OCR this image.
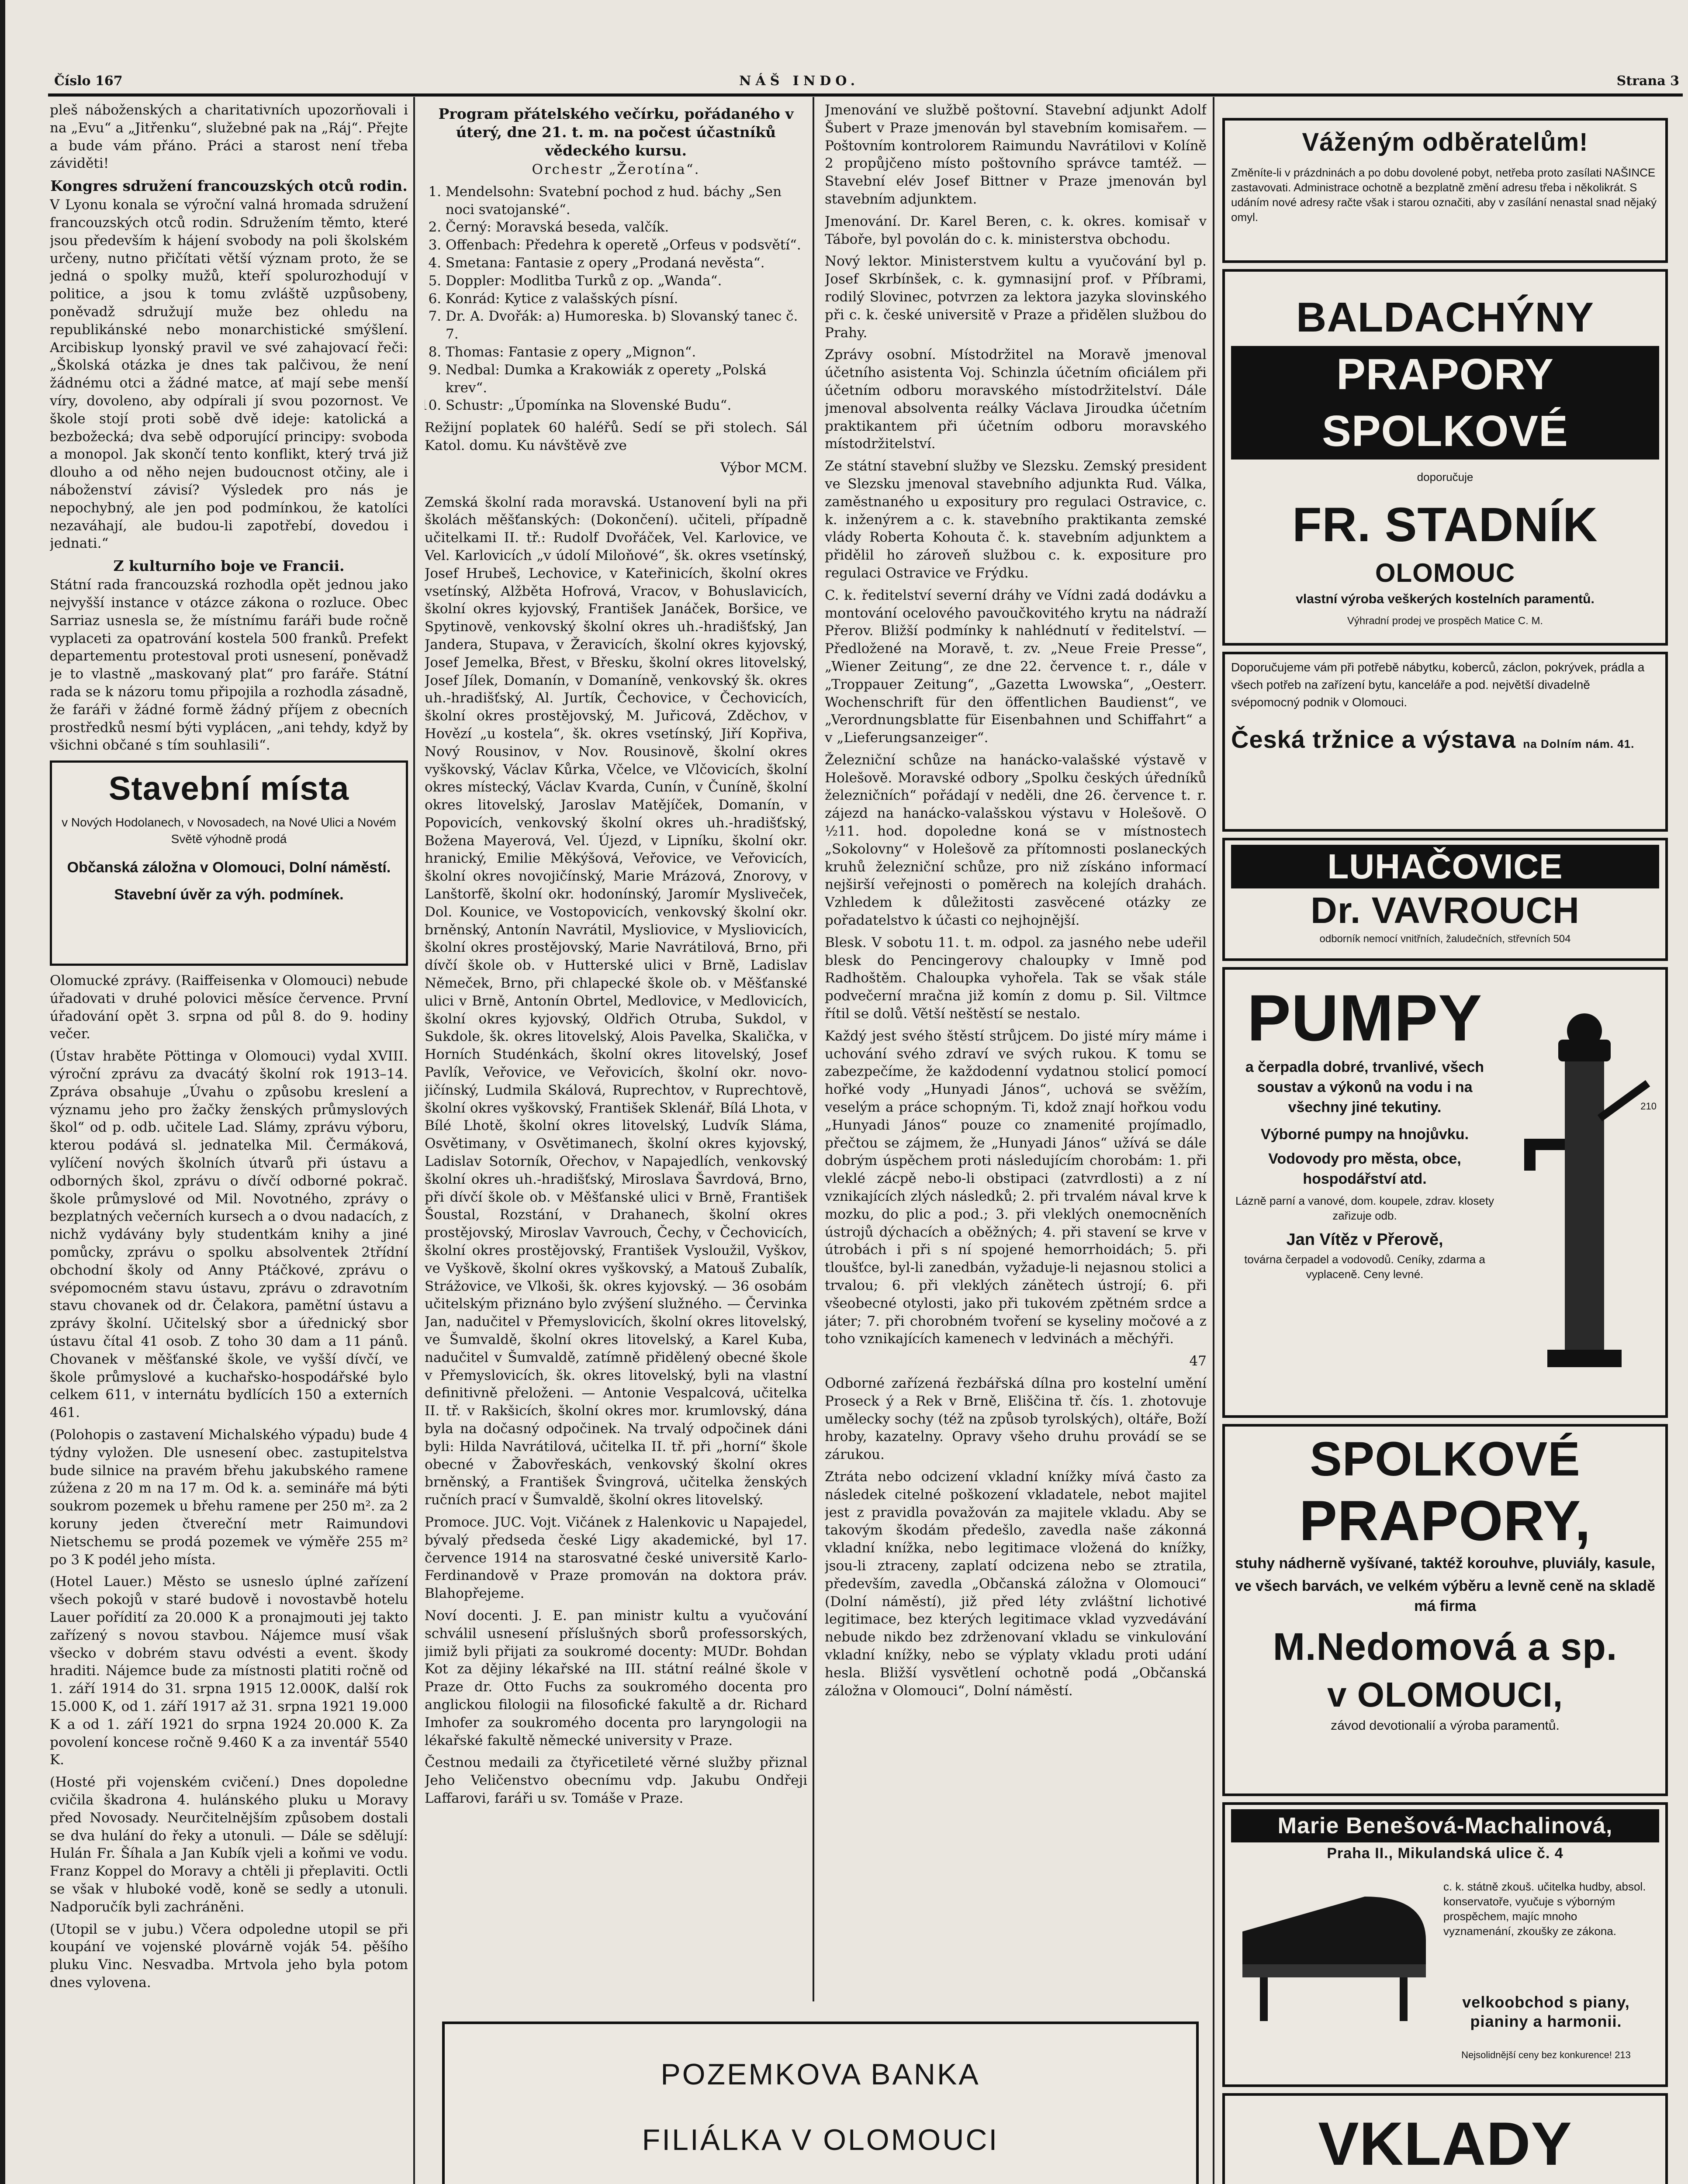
Číslo 167	NÁŠ INDO.	Strana 3

pleš náboženských a charitativních upozorňovali i na „Evu“ a „Jitřenku“, služebné pak na „Ráj“. Přejte a bude vám přáno. Práci a starost není třeba záviděti!

Kongres sdružení francouzských otců rodin.

V Lyonu konala se výroční valná hromada sdružení francouzských otců rodin. Sdružením těmto, které jsou především k hájení svobody na poli školském určeny, nutno přičítati větší význam proto, že se jedná o spolky mužů, kteří spolurozhodují v politice, a jsou k tomu zvláště uzpůsobeny, poněvadž sdružují muže bez ohledu na republikánské nebo monarchistické smýšlení. Arcibiskup lyonský pravil ve své zahajovací řeči: „Školská otázka je dnes tak palčivou, že není žádnému otci a žádné matce, ať mají sebe menší víry, dovoleno, aby odpírali jí svou pozornost. Ve škole stojí proti sobě dvě ideje: katolická a bezbožecká; dva sebě odporující principy: svoboda a monopol. Jak skončí tento konflikt, který trvá již dlouho a od něho nejen budoucnost otčiny, ale i náboženství závisí? Výsledek pro nás je nepochybný, ale jen pod podmínkou, že katolíci nezaváhají, ale budou-li zapotřebí, dovedou i jednati.“

Z kulturního boje ve Francii.

Státní rada francouzská rozhodla opět jednou jako nejvyšší instance v otázce zákona o rozluce. Obec Sarriaz usnesla se, že místnímu faráři bude ročně vyplaceti za opatrování kostela 500 franků. Prefekt departementu protestoval proti usnesení, poněvadž je to vlastně „maskovaný plat“ pro faráře. Státní rada se k názoru tomu připojila a rozhodla zásadně, že faráři v žádné formě žádný příjem z obecních prostředků nesmí býti vyplácen, „ani tehdy, když by všichni občané s tím souhlasili“.

Stavební místa
v Nových Hodolanech, v Novosadech, na Nové Ulici a Novém Světě výhodně prodá
Občanská záložna v Olomouci, Dolní náměstí.
Stavební úvěr za výh. podmínek.

Olomucké zprávy. (Raiffeisenka v Olomouci) nebude úřadovati v druhé polovici měsíce července. První úřadování opět 3. srpna od půl 8. do 9. hodiny večer.

(Ústav hraběte Pöttinga v Olomouci) vydal XVIII. výroční zprávu za dvacátý školní rok 1913–14. Zpráva obsahuje „Úvahu o způsobu kreslení a významu jeho pro žačky ženských průmyslových škol“ od p. odb. učitele Lad. Slámy, zprávu výboru, kterou podává sl. jednatelka Mil. Čermáková, vylíčení nových školních útvarů při ústavu a odborných škol, zprávu o dívčí odborné pokrač. škole průmyslové od Mil. Novotného, zprávy o bezplatných večerních kursech a o dvou nadacích, z nichž vydávány byly studentkám knihy a jiné pomůcky, zprávu o spolku absolventek 2třídní obchodní školy od Anny Ptáčkové, zprávu o svépomocném stavu ústavu, zprávu o zdravotním stavu chovanek od dr. Čelakora, pamětní ústavu a zprávy školní. Učitelský sbor a úřednický sbor ústavu čítal 41 osob. Z toho 30 dam a 11 pánů. Chovanek v měšťanské škole, ve vyšší dívčí, ve škole průmyslové a kuchařsko-hospodářské bylo celkem 611, v internátu bydlících 150 a externích 461.

(Polohopis o zastavení Michalského výpadu) bude 4 týdny vyložen. Dle usnesení obec. zastupitelstva bude silnice na pravém břehu jakubského ramene zúžena z 20 m na 17 m. Od k. a. semináře má býti soukrom pozemek u břehu ramene per 250 m². za 2 koruny jeden čtvereční metr Raimundovi Nietschemu se prodá pozemek ve výměře 255 m² po 3 K podél jeho místa.

(Hotel Lauer.) Město se usneslo úplné zařízení všech pokojů v staré budově i novostavbě hotelu Lauer pořídití za 20.000 K a pronajmouti jej takto zařízený s novou stavbou. Nájemce musí však všecko v dobrém stavu odvésti a event. škody hraditi. Nájemce bude za místnosti platiti ročně od 1. září 1914 do 31. srpna 1915 12.000K, další rok 15.000 K, od 1. září 1917 až 31. srpna 1921 19.000 K a od 1. září 1921 do srpna 1924 20.000 K. Za povolení koncese ročně 9.460 K a za inventář 5540 K.

(Hosté při vojenském cvičení.) Dnes dopoledne cvičila škadrona 4. hulánského pluku u Moravy před Novosady. Neurčitelnějším způsobem dostali se dva hulání do řeky a utonuli. — Dále se sdělují: Hulán Fr. Šíhala a Jan Kubík vjeli a koňmi ve vodu. Franz Koppel do Moravy a chtěli ji přeplaviti. Octli se však v hluboké vodě, koně se sedly a utonuli. Nadporučík byli zachráněni.

(Utopil se v jubu.) Včera odpoledne utopil se při koupání ve vojenské plovárně voják 54. pěšího pluku Vinc. Nesvadba. Mrtvola jeho byla potom dnes vylovena.

Program přátelského večírku, pořádaného v úterý, dne 21. t. m. na počest účastníků vědeckého kursu.

Orchestr „Žerotína“.

1. Mendelsohn: Svatební pochod z hud. báchy „Sen noci svatojanské“.
2. Černý: Moravská beseda, valčík.
3. Offenbach: Předehra k operetě „Orfeus v podsvětí“.
4. Smetana: Fantasie z opery „Prodaná nevěsta“.
5. Doppler: Modlitba Turků z op. „Wanda“.
6. Konrád: Kytice z valašských písní.
7. Dr. A. Dvořák: a) Humoreska. b) Slovanský tanec č. 7.
8. Thomas: Fantasie z opery „Mignon“.
9. Nedbal: Dumka a Krakowiák z operety „Polská krev“.
10. Schustr: „Úpomínka na Slovenské Budu“.

Režijní poplatek 60 haléřů. Sedí se při stolech. Sál Katol. domu. Ku návštěvě zve

Výbor MCM.

Zemská školní rada moravská. Ustanovení byli na při školách měšťanských: (Dokončení). učiteli, případně učitelkami II. tř.: Rudolf Dvořáček, Vel. Karlovice, ve Vel. Karlovicích „v údolí Miloňové“, šk. okres vsetínský, Josef Hrubeš, Lechovice, v Kateřinicích, školní okres vsetínský, Alžběta Hofrová, Vracov, v Bohuslavicích, školní okres kyjovský, František Janáček, Boršice, ve Spytinově, venkovský školní okres uh.-hradišťský, Jan Jandera, Stupava, v Žeravicích, školní okres kyjovský, Josef Jemelka, Břest, v Břesku, školní okres litovelský, Josef Jílek, Domanín, v Domaníně, venkovský šk. okres uh.-hradišťský, Al. Jurtík, Čechovice, v Čechovicích, školní okres prostějovský, M. Juřicová, Zděchov, v Hovězí „u kostela“, šk. okres vsetínský, Jiří Kopřiva, Nový Rousinov, v Nov. Rousinově, školní okres vyškovský, Václav Kůrka, Včelce, ve Vlčovicích, školní okres místecký, Václav Kvarda, Cunín, v Čuníně, školní okres litovelský, Jaroslav Matějíček, Domanín, v Popovicích, venkovský školní okres uh.-hradišťský, Božena Mayerová, Vel. Újezd, v Lipníku, školní okr. hranický, Emilie Měkýšová, Veřovice, ve Veřovicích, školní okres novojičínský, Marie Mrázová, Znorovy, v Lanštorfě, školní okr. hodonínský, Jaromír Mysliveček, Dol. Kounice, ve Vostopovicích, venkovský školní okr. brněnský, Antonín Navrátil, Mysliovice, v Mysliovicích, školní okres prostějovský, Marie Navrátilová, Brno, při dívčí škole ob. v Hutterské ulici v Brně, Ladislav Němeček, Brno, při chlapecké škole ob. v Měšťanské ulici v Brně, Antonín Obrtel, Medlovice, v Medlovicích, školní okres kyjovský, Oldřich Otruba, Sukdol, v Sukdole, šk. okres litovelský, Alois Pavelka, Skalička, v Horních Studénkách, školní okres litovelský, Josef Pavlík, Veřovice, ve Veřovicích, školní okr. novo-jičínský, Ludmila Skálová, Ruprechtov, v Ruprechtově, školní okres vyškovský, František Sklenář, Bílá Lhota, v Bílé Lhotě, školní okres litovelský, Ludvík Sláma, Osvětimany, v Osvětimanech, školní okres kyjovský, Ladislav Sotorník, Ořechov, v Napajedlích, venkovský školní okres uh.-hradišťský, Miroslava Šavrdová, Brno, při dívčí škole ob. v Měšťanské ulici v Brně, František Šoustal, Rozstání, v Drahanech, školní okres prostějovský, Miroslav Vavrouch, Čechy, v Čechovicích, školní okres prostějovský, František Vysloužil, Vyškov, ve Vyškově, školní okres vyškovský, a Matouš Zubalík, Strážovice, ve Vlkoši, šk. okres kyjovský. — 36 osobám učitelským přiznáno bylo zvýšení služného. — Červinka Jan, nadučitel v Přemyslovicích, školní okres litovelský, ve Šumvaldě, školní okres litovelský, a Karel Kuba, nadučitel v Šumvaldě, zatímně přidělený obecné škole v Přemyslovicích, šk. okres litovelský, byli na vlastní definitivně přeloženi. — Antonie Vespalcová, učitelka II. tř. v Rakšicích, školní okres mor. krumlovský, dána byla na dočasný odpočinek. Na trvalý odpočinek dáni byli: Hilda Navrátilová, učitelka II. tř. při „horní“ škole obecné v Žabovřeskách, venkovský školní okres brněnský, a František Švingrová, učitelka ženských ručních prací v Šumvaldě, školní okres litovelský.

Promoce. JUC. Vojt. Vičánek z Halenkovic u Napajedel, bývalý předseda české Ligy akademické, byl 17. července 1914 na starosvatné české universitě Karlo-Ferdinandově v Praze promován na doktora práv. Blahopřejeme.

Noví docenti. J. E. pan ministr kultu a vyučování schválil usnesení příslušných sborů professorských, jimiž byli přijati za soukromé docenty: MUDr. Bohdan Kot za dějiny lékařské na III. státní reálné škole v Praze dr. Otto Fuchs za soukromého docenta pro anglickou filologii na filosofické fakultě a dr. Richard Imhofer za soukromého docenta pro laryngologii na lékařské fakultě německé university v Praze.

Čestnou medaili za čtyřicetileté věrné služby přiznal Jeho Veličenstvo obecnímu vdp. Jakubu Ondřeji Laffarovi, faráři u sv. Tomáše v Praze.

Jmenování ve službě poštovní. Stavební adjunkt Adolf Šubert v Praze jmenován byl stavebním komisařem. — Poštovním kontrolorem Raimundu Navrátilovi v Kolíně 2 propůjčeno místo poštovního správce tamtéž. — Stavební elév Josef Bittner v Praze jmenován byl stavebním adjunktem.

Jmenování. Dr. Karel Beren, c. k. okres. komisař v Táboře, byl povolán do c. k. ministerstva obchodu.

Nový lektor. Ministerstvem kultu a vyučování byl p. Josef Skrbínšek, c. k. gymnasijní prof. v Příbrami, rodilý Slovinec, potvrzen za lektora jazyka slovinského při c. k. české universitě v Praze a přidělen službou do Prahy.

Zprávy osobní. Místodržitel na Moravě jmenoval účetního asistenta Voj. Schinzla účetním oficiálem při účetním odboru moravského místodržitelství. Dále jmenoval absolventa reálky Václava Jiroudka účetním praktikantem při účetním odboru moravského místodržitelství.

Ze státní stavební služby ve Slezsku. Zemský president ve Slezsku jmenoval stavebního adjunkta Rud. Válka, zaměstnaného u expositury pro regulaci Ostravice, c. k. inženýrem a c. k. stavebního praktikanta zemské vlády Roberta Kohouta č. k. stavebním adjunktem a přidělil ho zároveň službou c. k. expositure pro regulaci Ostravice ve Frýdku.

C. k. ředitelství severní dráhy ve Vídni zadá dodávku a montování ocelového pavoučkovitého krytu na nádraží Přerov. Bližší podmínky k nahlédnutí v ředitelství. — Předložené na Moravě, t. zv. „Neue Freie Presse“, „Wiener Zeitung“, ze dne 22. července t. r., dále v „Troppauer Zeitung“, „Gazetta Lwowska“, „Oesterr. Wochenschrift für den öffentlichen Baudienst“, ve „Verordnungsblatte für Eisenbahnen und Schiffahrt“ a v „Lieferungsanzeiger“.

Železniční schůze na hanácko-valašské výstavě v Holešově. Moravské odbory „Spolku českých úředníků železničních“ pořádají v neděli, dne 26. července t. r. zájezd na hanácko-valašskou výstavu v Holešově. O ½11. hod. dopoledne koná se v místnostech „Sokolovny“ v Holešově za přítomnosti poslaneckých kruhů železniční schůze, pro niž získáno informací nejširší veřejnosti o poměrech na kolejích drahách. Vzhledem k důležitosti zasvěcené otázky ze pořadatelstvo k účasti co nejhojnější.

Blesk. V sobotu 11. t. m. odpol. za jasného nebe udeřil blesk do Pencingerovy chaloupky v Imně pod Radhoštěm. Chaloupka vyhořela. Tak se však stále podvečerní mračna již komín z domu p. Sil. Viltmce řítil se dolů. Větší neštěstí se nestalo.

Každý jest svého štěstí strůjcem. Do jisté míry máme i uchování svého zdraví ve svých rukou. K tomu se zabezpečíme, že každodenní vydatnou stolicí pomocí hořké vody „Hunyadi János“, uchová se svěžím, veselým a práce schopným. Ti, kdož znají hořkou vodu „Hunyadi János“ pouze co znamenité projímadlo, přečtou se zájmem, že „Hunyadi János“ užívá se dále dobrým úspěchem proti následujícím chorobám: 1. při vleklé zácpě nebo-li obstipaci (zatvrdlosti) a z ní vznikajících zlých následků; 2. při trvalém nával krve k mozku, do plic a pod.; 3. při vleklých onemocněních ústrojů dýchacích a oběžných; 4. při stavení se krve v útrobách i při s ní spojené hemorrhoidách; 5. při tloušťce, byl-li zanedbán, vyžaduje-li nejasnou stolici a trvalou; 6. při vleklých zánětech ústrojí; 6. při všeobecné otylosti, jako při tukovém zpětném srdce a játer; 7. při chorobném tvoření se kyseliny močové a z toho vznikajících kamenech v ledvinách a měchýři.

47

Odborné zařízená řezbářská dílna pro kostelní umění Proseck ý a Rek v Brně, Eliščina tř. čís. 1. zhotovuje umělecky sochy (též na způsob tyrolských), oltáře, Boží hroby, kazatelny. Opravy všeho druhu provádí se se zárukou.

Ztráta nebo odcizení vkladní knížky mívá často za následek citelné poškození vkladatele, nebot majitel jest z pravidla považován za majitele vkladu. Aby se takovým škodám předešlo, zavedla naše zákonná vkladní knížka, nebo legitimace vložená do knížky, jsou-li ztraceny, zaplatí odcizena nebo se ztratila, především, zavedla „Občanská záložna v Olomouci“ (Dolní náměstí), již před léty zvláštní lichotivé legitimace, bez kterých legitimace vklad vyzvedávání nebude nikdo bez zdrženovaní vkladu se vinkulování vkladní knížky, nebo se výplaty vkladu proti udání hesla. Bližší vysvětlení ochotně podá „Občanská záložna v Olomouci“, Dolní náměstí.

POZEMKOVA BANKA
FILIÁLKA V OLOMOUCI
Váženým odběratelům!
Změníte-li v prázdninách a po dobu dovolené pobyt, netřeba proto zasílati NAŠINCE zastavovati. Administrace ochotně a bezplatně změní adresu třeba i několikrát. S udáním nové adresy račte však i starou označiti, aby v zasílání nenastal snad nějaký omyl.
BALDACHÝNY
PRAPORY
SPOLKOVÉ
doporučuje
FR. STADNÍK
OLOMOUC
vlastní výroba veškerých kostelních paramentů.
Výhradní prodej ve prospěch Matice C. M.
Doporučujeme vám při potřebě nábytku, koberců, záclon, pokrývek, prádla a všech potřeb na zařízení bytu, kanceláře a pod. největší divadelně svépomocný podnik v Olomouci.
Česká tržnice a výstava na Dolním nám. 41.
LUHAČOVICE
Dr. VAVROUCH
odborník nemocí vnitřních, žaludečních, střevních 504
PUMPY
a čerpadla dobré, trvanlivé, všech soustav a výkonů na vodu i na všechny jiné tekutiny.
Výborné pumpy na hnojůvku.
Vodovody pro města, obce, hospodářství atd.
Lázně parní a vanové, dom. koupele, zdrav. klosety zařizuje odb.
Jan Vítěz v Přerově,
továrna čerpadel a vodovodů. Ceníky, zdarma a vyplaceně. Ceny levné.
210
SPOLKOVÉ
PRAPORY,
stuhy nádherně vyšívané, taktéž korouhve, pluviály, kasule,
ve všech barvách, ve velkém výběru a levně ceně na skladě má firma
M.Nedomová a sp.
v OLOMOUCI,
závod devotionalií a výroba paramentů.
Marie Benešová-Machalinová,
Praha II., Mikulandská ulice č. 4
c. k. státně zkouš. učitelka hudby, absol. konservatoře, vyučuje s výborným prospěchem, majíc mnoho vyznamenání, zkoušky ze zákona.
velkoobchod s piany, pianiny a harmonii.
Nejsolidnější ceny bez konkurence! 213
VKLADY
